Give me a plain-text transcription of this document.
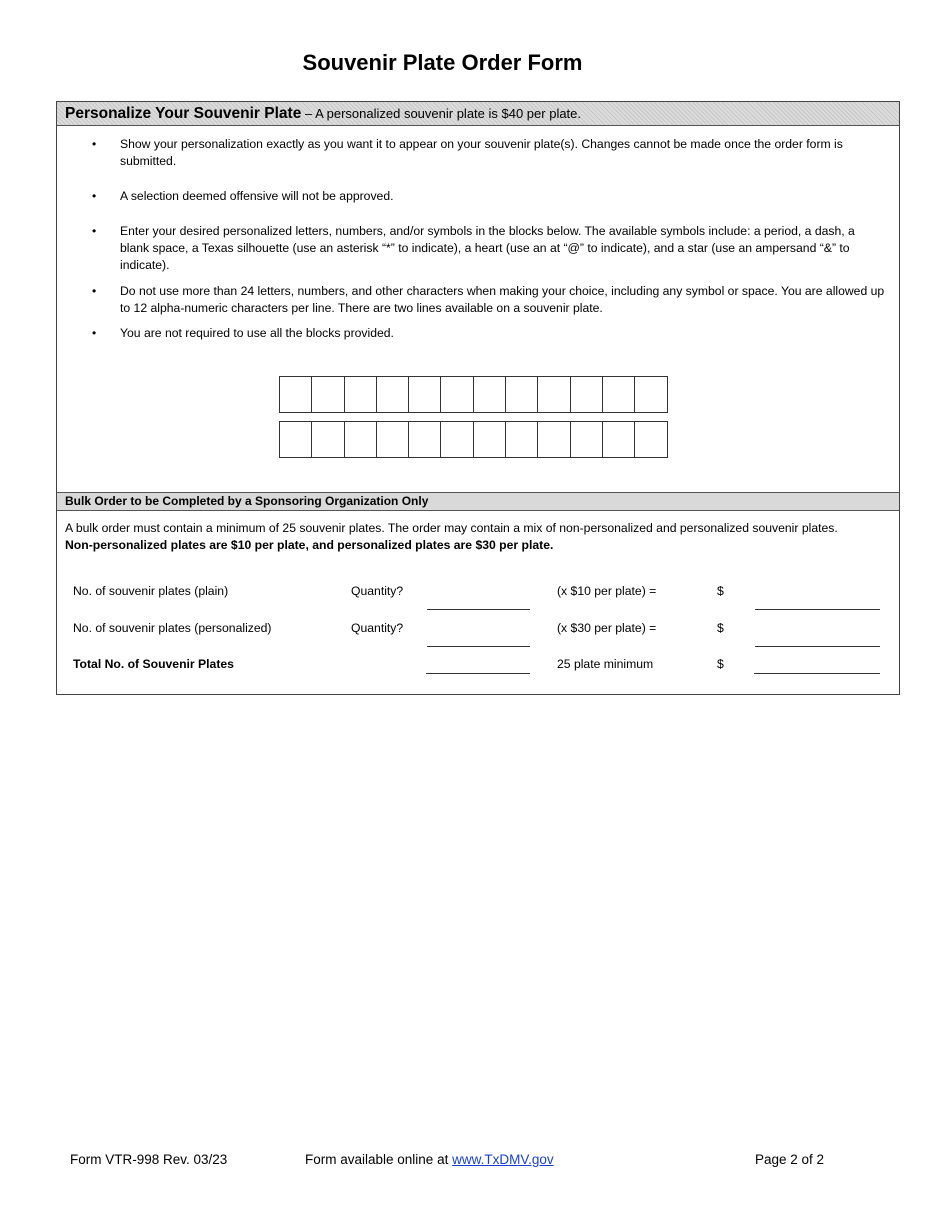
Souvenir Plate Order Form
Personalize Your Souvenir Plate – A personalized souvenir plate is $40 per plate.
• Show your personalization exactly as you want it to appear on your souvenir plate(s). Changes cannot be made once the order form is submitted.
• A selection deemed offensive will not be approved.
• Enter your desired personalized letters, numbers, and/or symbols in the blocks below. The available symbols include: a period, a dash, a blank space, a Texas silhouette (use an asterisk “*” to indicate), a heart (use an at “@” to indicate), and a star (use an ampersand “&” to indicate).
• Do not use more than 24 letters, numbers, and other characters when making your choice, including any symbol or space. You are allowed up to 12 alpha-numeric characters per line. There are two lines available on a souvenir plate.
• You are not required to use all the blocks provided.
Bulk Order to be Completed by a Sponsoring Organization Only
A bulk order must contain a minimum of 25 souvenir plates. The order may contain a mix of non-personalized and personalized souvenir plates.
Non-personalized plates are $10 per plate, and personalized plates are $30 per plate.
No. of souvenir plates (plain)	Quantity?	(x $10 per plate) =	$
No. of souvenir plates (personalized)	Quantity?	(x $30 per plate) =	$
Total No. of Souvenir Plates	25 plate minimum	$
Form VTR-998 Rev. 03/23	Form available online at www.TxDMV.gov	Page 2 of 2
